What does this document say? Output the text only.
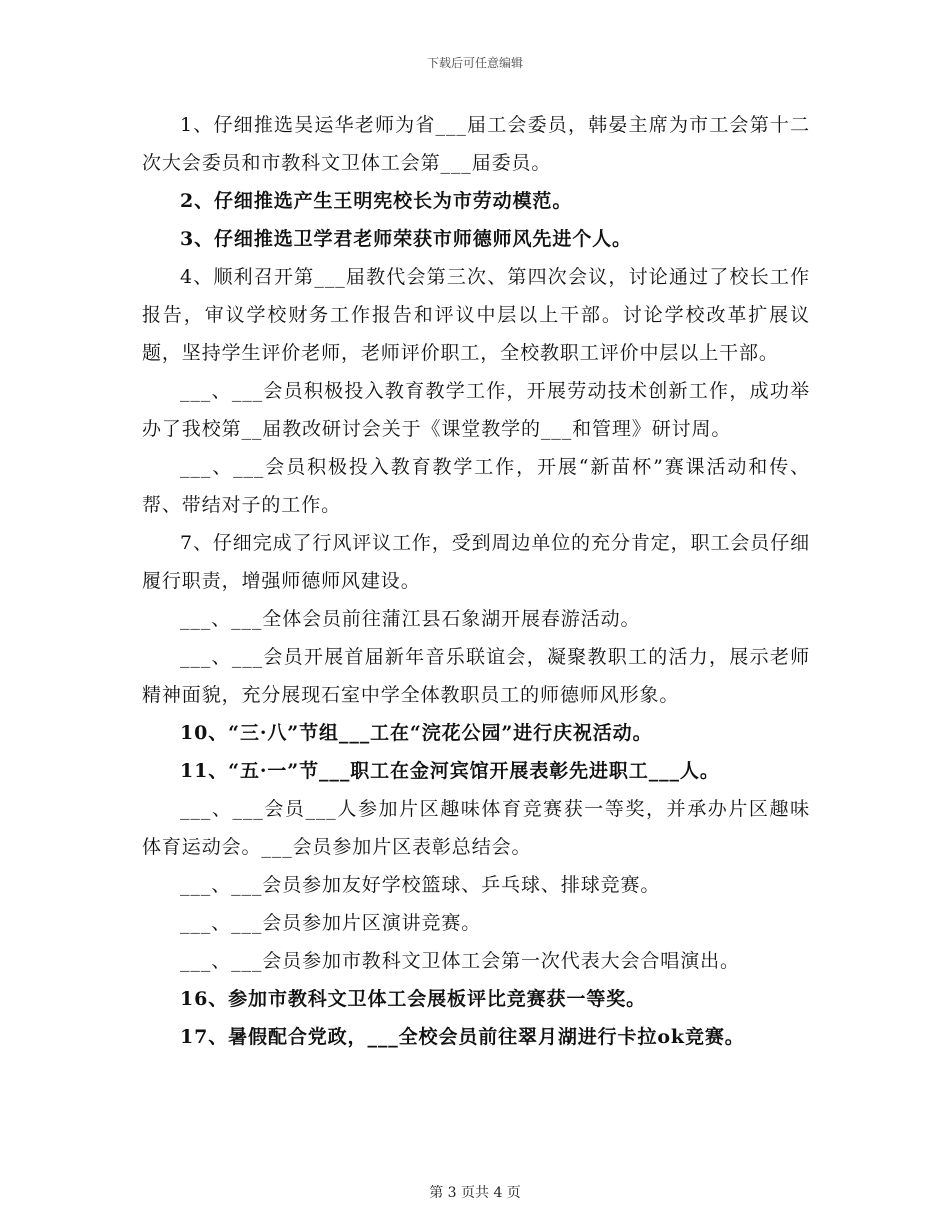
下载后可任意编辑

1、仔细推选吴运华老师为省___届工会委员，韩晏主席为市工会第十二次大会委员和市教科文卫体工会第___届委员。

2、仔细推选产生王明宪校长为市劳动模范。

3、仔细推选卫学君老师荣获市师德师风先进个人。

4、顺利召开第___届教代会第三次、第四次会议，讨论通过了校长工作报告，审议学校财务工作报告和评议中层以上干部。讨论学校改革扩展议题，坚持学生评价老师，老师评价职工，全校教职工评价中层以上干部。

___、___会员积极投入教育教学工作，开展劳动技术创新工作，成功举办了我校第__届教改研讨会关于《课堂教学的___和管理》研讨周。

___、___会员积极投入教育教学工作，开展“新苗杯”赛课活动和传、帮、带结对子的工作。

7、仔细完成了行风评议工作，受到周边单位的充分肯定，职工会员仔细履行职责，增强师德师风建设。

___、___全体会员前往蒲江县石象湖开展春游活动。

___、___会员开展首届新年音乐联谊会，凝聚教职工的活力，展示老师精神面貌，充分展现石室中学全体教职员工的师德师风形象。

10、“三·八”节组___工在“浣花公园”进行庆祝活动。

11、“五·一”节___职工在金河宾馆开展表彰先进职工___人。

___、___会员___人参加片区趣味体育竞赛获一等奖，并承办片区趣味体育运动会。___会员参加片区表彰总结会。

___、___会员参加友好学校篮球、乒乓球、排球竞赛。

___、___会员参加片区演讲竞赛。

___、___会员参加市教科文卫体工会第一次代表大会合唱演出。

16、参加市教科文卫体工会展板评比竞赛获一等奖。

17、暑假配合党政，___全校会员前往翠月湖进行卡拉ok竞赛。

第 3 页共 4 页
